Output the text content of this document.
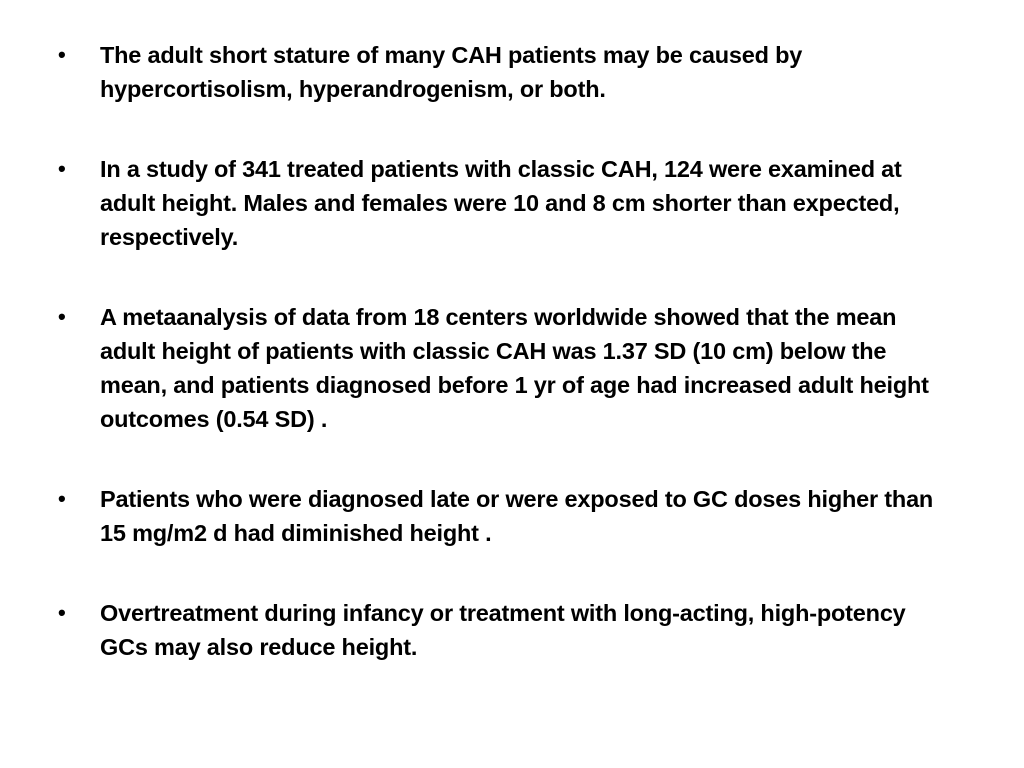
•	The adult short stature of many CAH patients may be caused by hypercortisolism, hyperandrogenism, or both.
•	In a study of 341 treated patients with classic CAH, 124 were examined at adult height. Males and females were 10 and 8 cm shorter than expected, respectively.
•	A metaanalysis of data from 18 centers worldwide showed that the mean adult height of patients with classic CAH was 1.37 SD (10 cm) below the mean, and patients diagnosed before 1 yr of age had increased adult height outcomes (0.54 SD) .
•	Patients who were diagnosed late or were exposed to GC doses higher than 15 mg/m2 d had diminished height .
•	Overtreatment during infancy or treatment with long-acting, high-potency GCs may also reduce height.
